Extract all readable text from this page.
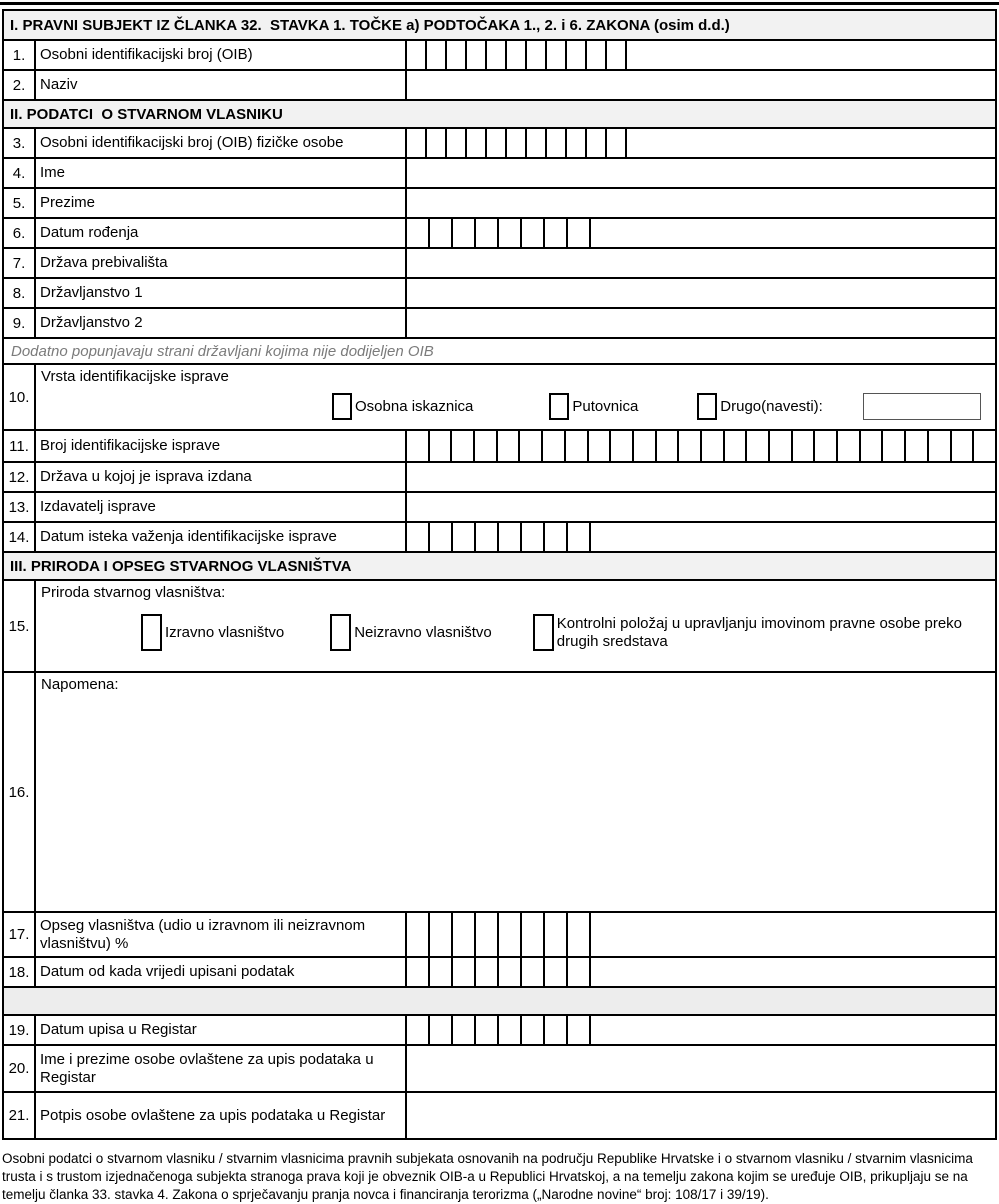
I. PRAVNI SUBJEKT IZ ČLANKA 32.  STAVKA 1. TOČKE a) PODTOČAKA 1., 2. i 6. ZAKONA (osim d.d.)
1. Osobni identifikacijski broj (OIB)
2. Naziv
II. PODATCI  O STVARNOM VLASNIKU
3. Osobni identifikacijski broj (OIB) fizičke osobe
4. Ime
5. Prezime
6. Datum rođenja
7. Država prebivališta
8. Državljanstvo 1
9. Državljanstvo 2
Dodatno popunjavaju strani državljani kojima nije dodijeljen OIB
10.
Vrsta identifikacijske isprave
Osobna iskaznica	Putovnica	Drugo(navesti):
11. Broj identifikacijske isprave
12. Država u kojoj je isprava izdana
13. Izdavatelj isprave
14. Datum isteka važenja identifikacijske isprave
III. PRIRODA I OPSEG STVARNOG VLASNIŠTVA
15.
Priroda stvarnog vlasništva:
Izravno vlasništvo	Neizravno vlasništvo
Kontrolni položaj u upravljanju imovinom pravne osobe preko drugih sredstava
16.
Napomena:
17.
Opseg vlasništva (udio u izravnom ili neizravnom vlasništvu) %
18. Datum od kada vrijedi upisani podatak
19. Datum upisa u Registar
20.
Ime i prezime osobe ovlaštene za upis podataka u Registar
21. Potpis osobe ovlaštene za upis podataka u Registar
Osobni podatci o stvarnom vlasniku / stvarnim vlasnicima pravnih subjekata osnovanih na području Republike Hrvatske i o stvarnom vlasniku / stvarnim vlasnicima trusta i s trustom izjednačenoga subjekta stranoga prava koji je obveznik OIB-a u Republici Hrvatskoj, a na temelju zakona kojim se uređuje OIB, prikupljaju se na temelju članka 33. stavka 4. Zakona o sprječavanju pranja novca i financiranja terorizma („Narodne novine“ broj: 108/17 i 39/19).
